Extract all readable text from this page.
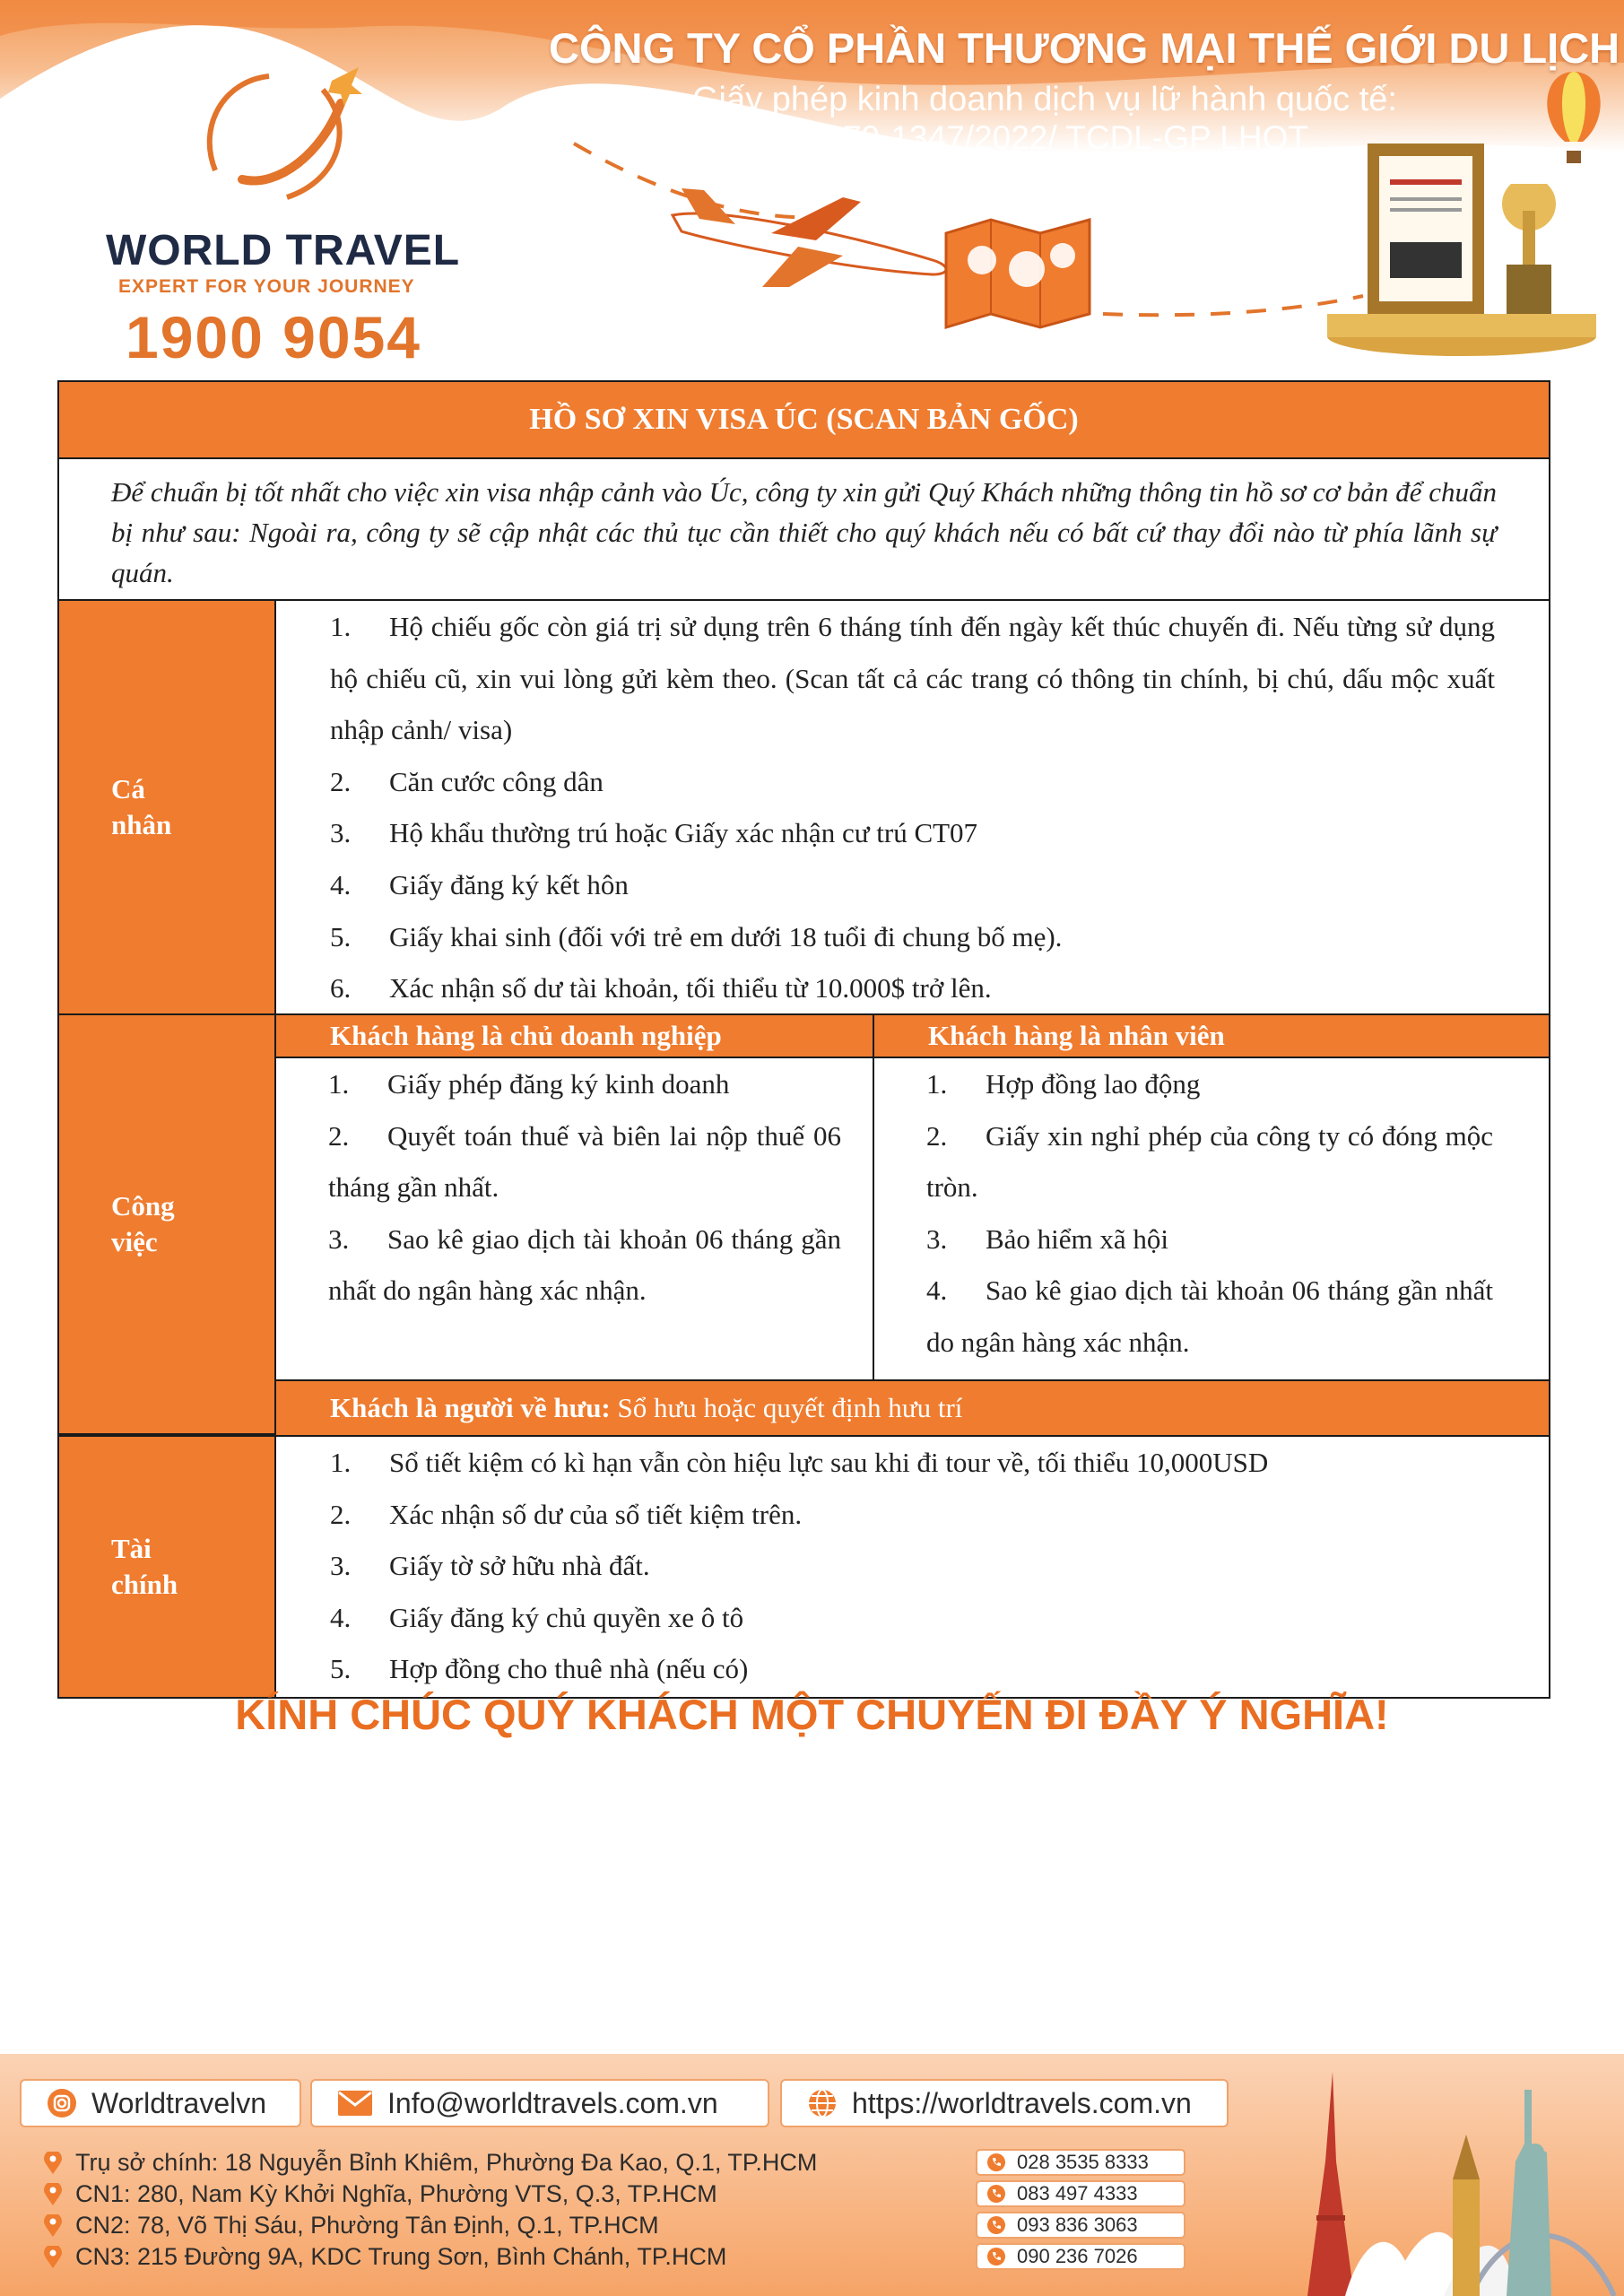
WORLD TRAVEL
EXPERT FOR YOUR JOURNEY
1900 9054
CÔNG TY CỔ PHẦN THƯƠNG MẠI THẾ GIỚI DU LỊCH
Giấy phép kinh doanh dịch vụ lữ hành quốc tế:
79-1347/2022/ TCDL-GP LHQT
HỒ SƠ XIN VISA ÚC (SCAN BẢN GỐC)
Để chuẩn bị tốt nhất cho việc xin visa nhập cảnh vào Úc, công ty xin gửi Quý Khách những thông tin hồ sơ cơ bản để chuẩn bị như sau: Ngoài ra, công ty sẽ cập nhật các thủ tục cần thiết cho quý khách nếu có bất cứ thay đổi nào từ phía lãnh sự quán.
Cá
nhân
1. Hộ chiếu gốc còn giá trị sử dụng trên 6 tháng tính đến ngày kết thúc chuyến đi. Nếu từng sử dụng hộ chiếu cũ, xin vui lòng gửi kèm theo. (Scan tất cả các trang có thông tin chính, bị chú, dấu mộc xuất nhập cảnh/ visa)
2. Căn cước công dân
3. Hộ khẩu thường trú hoặc Giấy xác nhận cư trú CT07
4. Giấy đăng ký kết hôn
5. Giấy khai sinh (đối với trẻ em dưới 18 tuổi đi chung bố mẹ).
6. Xác nhận số dư tài khoản, tối thiểu từ 10.000$ trở lên.
Công
việc
Khách hàng là chủ doanh nghiệp	Khách hàng là nhân viên
1. Giấy phép đăng ký kinh doanh
2. Quyết toán thuế và biên lai nộp thuế 06 tháng gần nhất.
3. Sao kê giao dịch tài khoản 06 tháng gần nhất do ngân hàng xác nhận.
1. Hợp đồng lao động
2. Giấy xin nghỉ phép của công ty có đóng mộc tròn.
3. Bảo hiểm xã hội
4. Sao kê giao dịch tài khoản 06 tháng gần nhất do ngân hàng xác nhận.
Khách là người về hưu:
Sổ hưu hoặc quyết định hưu trí
Tài
chính
1. Sổ tiết kiệm có kì hạn vẫn còn hiệu lực sau khi đi tour về, tối thiểu 10,000USD
2. Xác nhận số dư của sổ tiết kiệm trên.
3. Giấy tờ sở hữu nhà đất.
4. Giấy đăng ký chủ quyền xe ô tô
5. Hợp đồng cho thuê nhà (nếu có)
KÍNH CHÚC QUÝ KHÁCH MỘT CHUYẾN ĐI ĐẦY Ý NGHĨA!
Worldtravelvn	Info@worldtravels.com.vn	https://worldtravels.com.vn
Trụ sở chính: 18 Nguyễn Bỉnh Khiêm, Phường Đa Kao, Q.1, TP.HCM
CN1: 280, Nam Kỳ Khởi Nghĩa, Phường VTS, Q.3, TP.HCM
CN2: 78, Võ Thị Sáu, Phường Tân Định, Q.1, TP.HCM
CN3: 215 Đường 9A, KDC Trung Sơn, Bình Chánh, TP.HCM
028 3535 8333
083 497 4333
093 836 3063
090 236 7026
